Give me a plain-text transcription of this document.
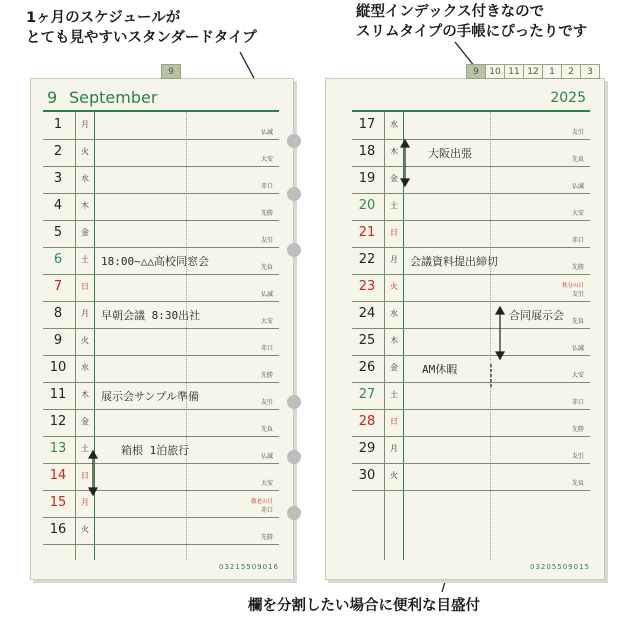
1ヶ月のスケジュールが
とても見やすいスタンダードタイプ
縦型インデックス付きなので
スリムタイプの手帳にぴったりです
欄を分割したい場合に便利な目盛付
9
9 September
1	月
仏滅
2	火
大安
3	水
赤口
4	木
先勝
5	金
友引
6	土
先負
18:00~△△高校同窓会
7	日
仏滅
8	月
大安
早朝会議 8:30出社
9	火
赤口
10	水
先勝
11	木
友引
展示会サンプル準備
12	金
先負
13	土
仏滅
箱根 1泊旅行
14	日
大安
15	月
赤口
敬老の日
16	火
先勝
03215509016
9	10 11 12	1	2	3
2025
17	水
友引
18	木
先負
大阪出張
19	金
仏滅
20	土
大安
21	日
赤口
22	月
先勝
会議資料提出締切
23	火
友引
秋分の日
24	水
先負
合同展示会
25	木
仏滅
26	金
大安
AM休暇
27	土
赤口
28	日
先勝
29	月
友引
30	火
先負
03205509015
